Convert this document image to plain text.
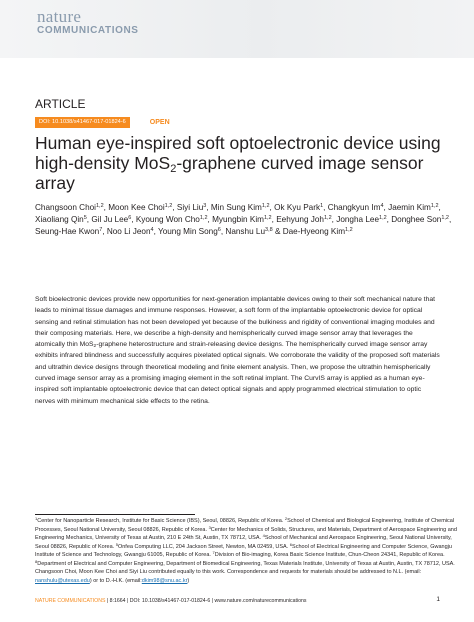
nature
COMMUNICATIONS
ARTICLE
DOI: 10.1038/s41467-017-01824-6	OPEN
Human eye-inspired soft optoelectronic device using high-density MoS$_2$-graphene curved image sensor array
Changsoon Choi$^{1,2}$, Moon Kee Choi$^{1,2}$, Siyi Liu$^3$, Min Sung Kim$^{1,2}$, Ok Kyu Park$^1$, Changkyun Im$^4$, Jaemin Kim$^{1,2}$, Xiaoliang Qin$^5$, Gil Ju Lee$^6$, Kyoung Won Cho$^{1,2}$, Myungbin Kim$^{1,2}$, Eehyung Joh$^{1,2}$, Jongha Lee$^{1,2}$, Donghee Son$^{1,2}$, Seung-Hae Kwon$^7$, Noo Li Jeon$^4$, Young Min Song$^6$, Nanshu Lu$^{3,8}$ & Dae-Hyeong Kim$^{1,2}$
Soft bioelectronic devices provide new opportunities for next-generation implantable devices owing to their soft mechanical nature that leads to minimal tissue damages and immune responses. However, a soft form of the implantable optoelectronic device for optical sensing and retinal stimulation has not been developed yet because of the bulkiness and rigidity of conventional imaging modules and their composing materials. Here, we describe a high-density and hemispherically curved image sensor array that leverages the atomically thin MoS$_2$-graphene heterostructure and strain-releasing device designs. The hemispherically curved image sensor array exhibits infrared blindness and successfully acquires pixelated optical signals. We corroborate the validity of the proposed soft materials and ultrathin device designs through theoretical modeling and finite element analysis. Then, we propose the ultrathin hemispherically curved image sensor array as a promising imaging element in the soft retinal implant. The CurvIS array is applied as a human eye-inspired soft implantable optoelectronic device that can detect optical signals and apply programmed electrical stimulation to optic nerves with minimum mechanical side effects to the retina.
$^1$Center for Nanoparticle Research, Institute for Basic Science (IBS), Seoul, 08826, Republic of Korea. $^2$School of Chemical and Biological Engineering, Institute of Chemical Processes, Seoul National University, Seoul 08826, Republic of Korea. $^3$Center for Mechanics of Solids, Structures, and Materials, Department of Aerospace Engineering and Engineering Mechanics, University of Texas at Austin, 210 E 24th St, Austin, TX 78712, USA. $^4$School of Mechanical and Aerospace Engineering, Seoul National University, Seoul 08826, Republic of Korea. $^5$Onfea Computing LLC, 204 Jackson Street, Newton, MA 02459, USA. $^6$School of Electrical Engineering and Computer Science, Gwangju Institute of Science and Technology, Gwangju 61005, Republic of Korea. $^7$Division of Bio-imaging, Korea Basic Science Institute, Chun-Cheon 24341, Republic of Korea. $^8$Department of Electrical and Computer Engineering, Department of Biomedical Engineering, Texas Materials Institute, University of Texas at Austin, Austin, TX 78712, USA. Changsoon Choi, Moon Kee Choi and Siyi Liu contributed equally to this work. Correspondence and requests for materials should be addressed to N.L. (email: nanshulu@utexas.edu) or to D.-H.K. (email:dkim98@snu.ac.kr)
NATURE COMMUNICATIONS
| 8:1664
| DOI: 10.1038/s41467-017-01824-6 | www.nature.com/naturecommunications	1
